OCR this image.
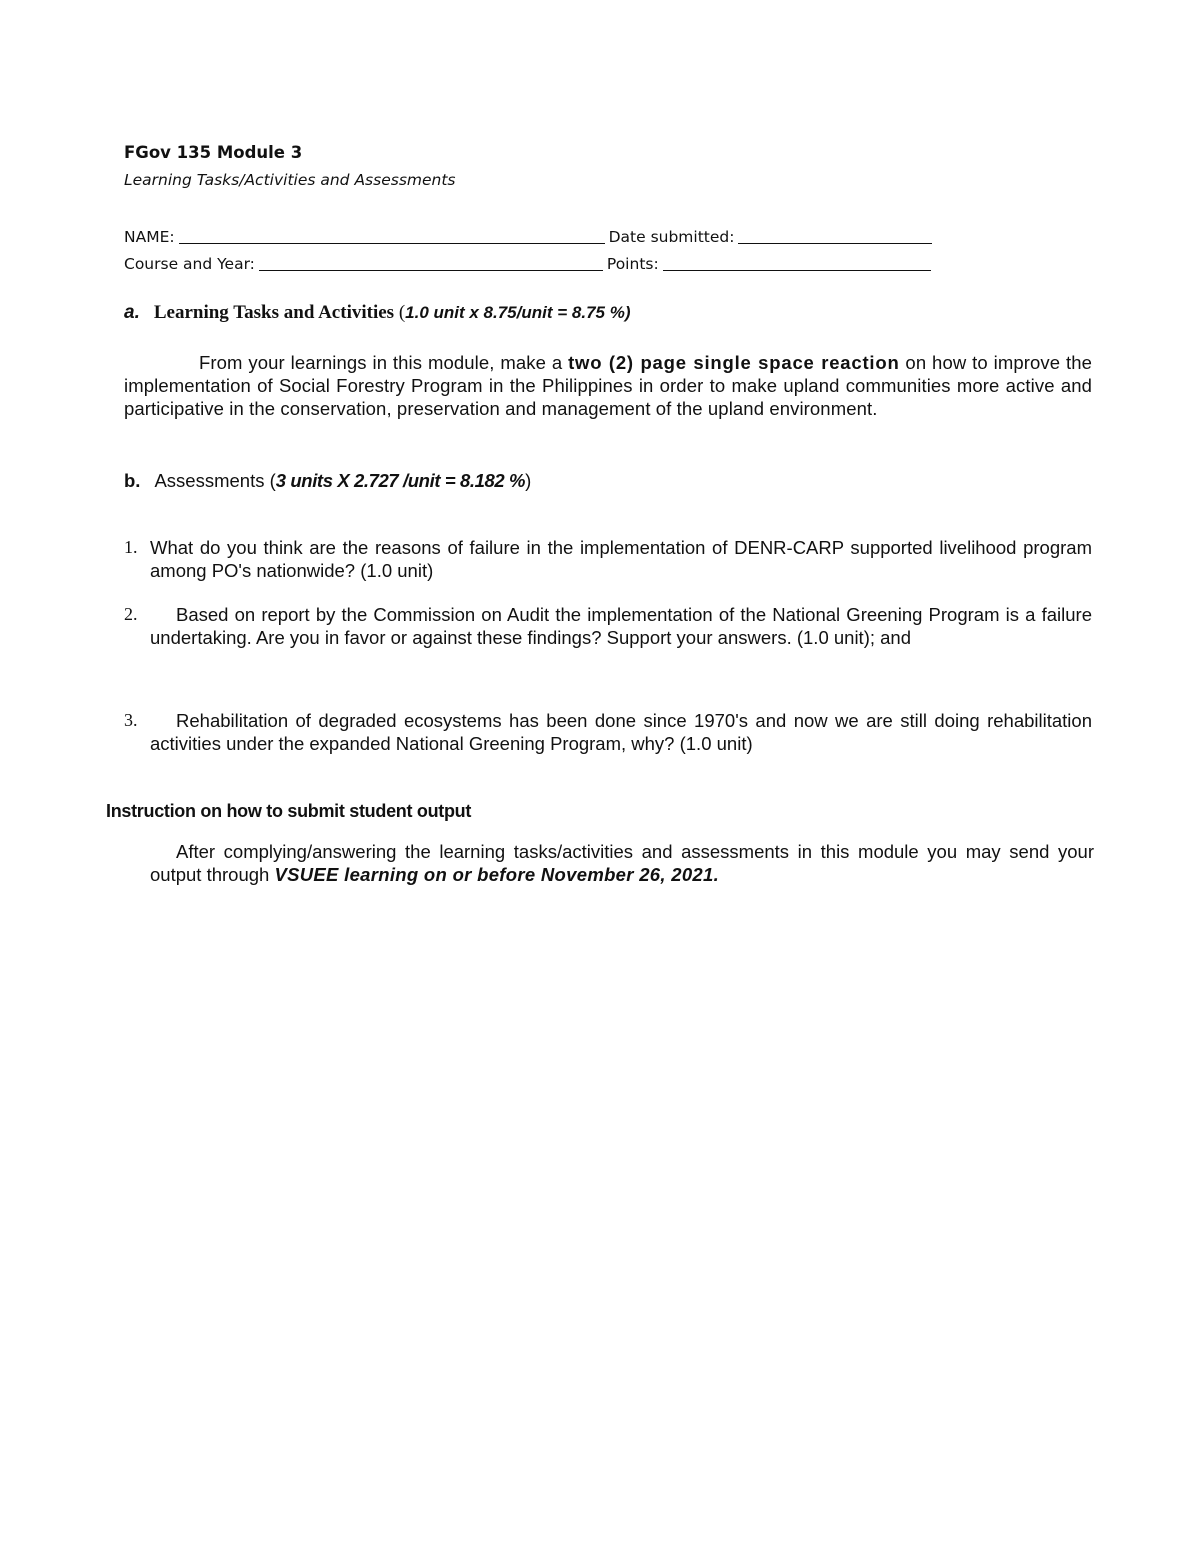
FGov 135 Module 3
Learning Tasks/Activities and Assessments
NAME:	Date submitted:
Course and Year:	Points:
a. Learning Tasks and Activities (1.0 unit x 8.75/unit = 8.75 %)
From your learnings in this module, make a two (2) page single space reaction on how to improve the implementation of Social Forestry Program in the Philippines in order to make upland communities more active and participative in the conservation, preservation and management of the upland environment.
b. Assessments (3 units X 2.727 /unit = 8.182 %)
1. What do you think are the reasons of failure in the implementation of DENR-CARP supported livelihood program among PO's nationwide? (1.0 unit)
2.	Based on report by the Commission on Audit the implementation of the National Greening Program is a failure undertaking. Are you in favor or against these findings? Support your answers. (1.0 unit); and
3.	Rehabilitation of degraded ecosystems has been done since 1970's and now we are still doing rehabilitation activities under the expanded National Greening Program, why? (1.0 unit)
Instruction on how to submit student output
After complying/answering the learning tasks/activities and assessments in this module you may send your output through VSUEE learning on or before November 26, 2021.
